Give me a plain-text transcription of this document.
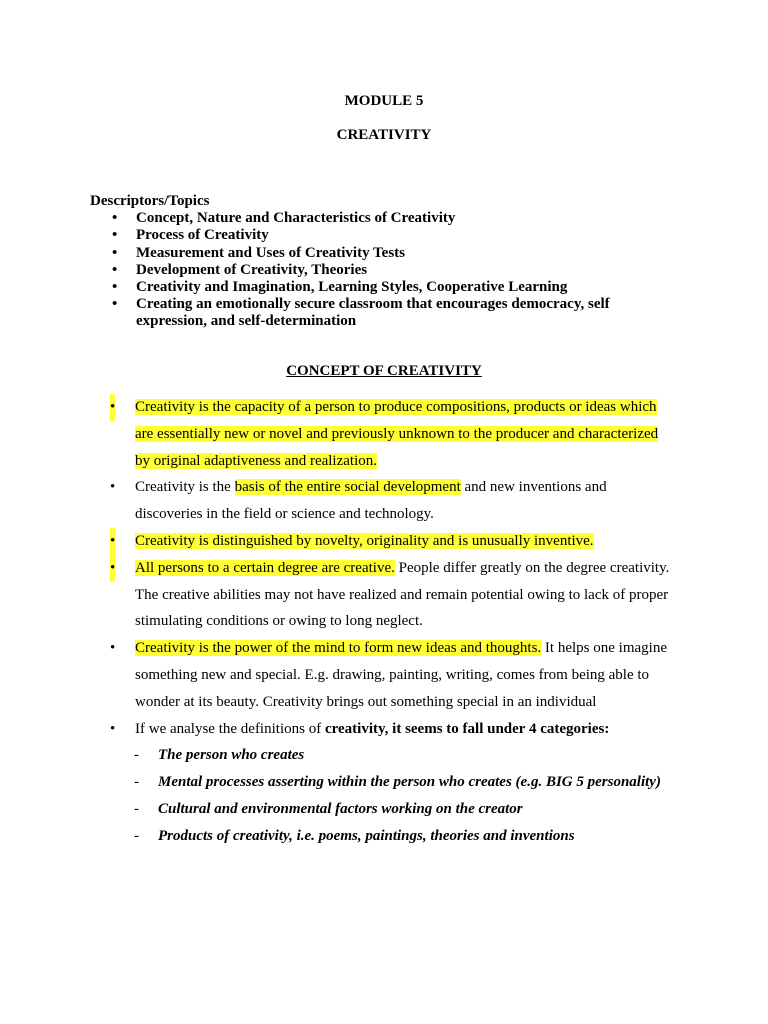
MODULE 5
CREATIVITY
Descriptors/Topics
• Concept, Nature and Characteristics of Creativity
• Process of Creativity
• Measurement and Uses of Creativity Tests
• Development of Creativity, Theories
• Creativity and Imagination, Learning Styles, Cooperative Learning
• Creating an emotionally secure classroom that encourages democracy, self expression, and self-determination
CONCEPT OF CREATIVITY
• Creativity is the capacity of a person to produce compositions, products or ideas which
are essentially new or novel and previously unknown to the producer and characterized
by original adaptiveness and realization.
• Creativity is the basis of the entire social development and new inventions and
discoveries in the field or science and technology.
• Creativity is distinguished by novelty, originality and is unusually inventive.
• All persons to a certain degree are creative. People differ greatly on the degree creativity.
The creative abilities may not have realized and remain potential owing to lack of proper
stimulating conditions or owing to long neglect.
• Creativity is the power of the mind to form new ideas and thoughts. It helps one imagine
something new and special. E.g. drawing, painting, writing, comes from being able to
wonder at its beauty. Creativity brings out something special in an individual
• If we analyse the definitions of creativity, it seems to fall under 4 categories:
- The person who creates
- Mental processes asserting within the person who creates (e.g. BIG 5 personality)
- Cultural and environmental factors working on the creator
- Products of creativity, i.e. poems, paintings, theories and inventions
